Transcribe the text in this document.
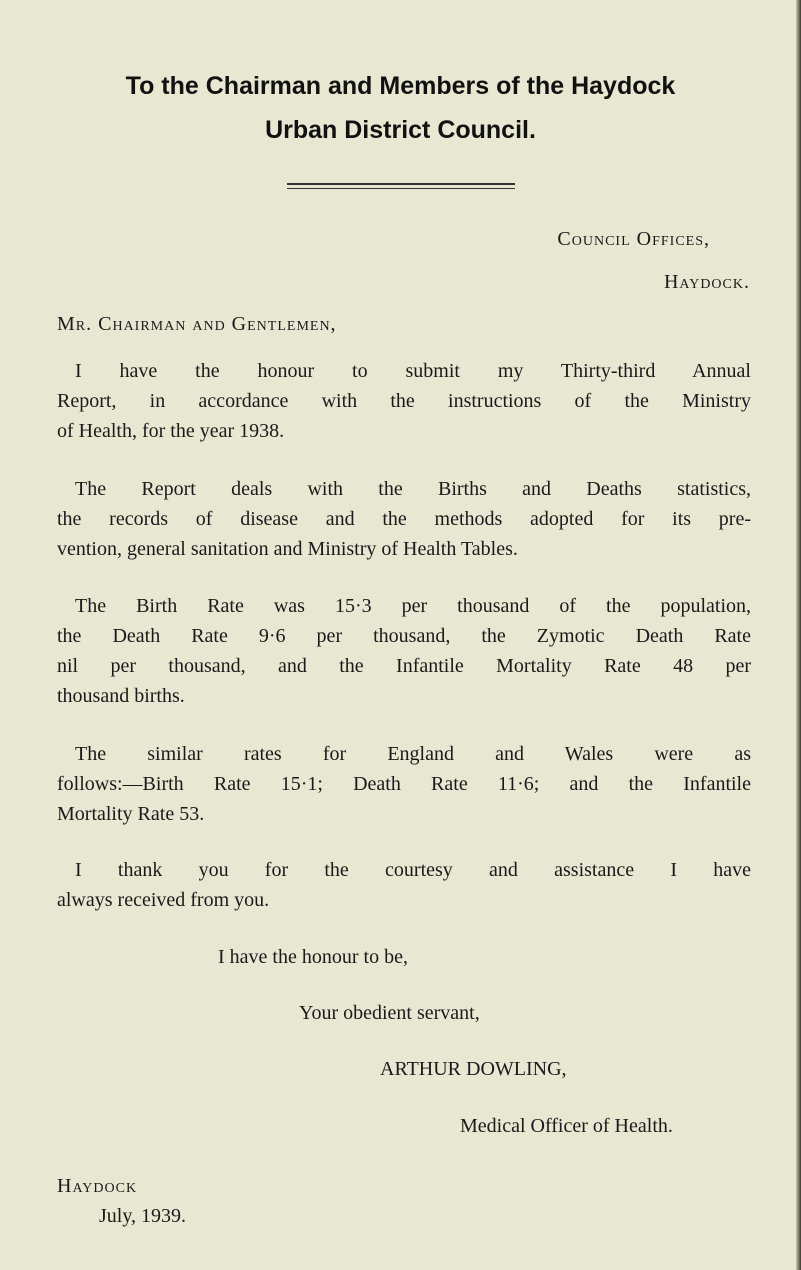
To the Chairman and Members of the Haydock
Urban District Council.
Council Offices,
Haydock.
Mr. Chairman and Gentlemen,
I have the honour to submit my Thirty-third Annual
Report, in accordance with the instructions of the Ministry
of Health, for the year 1938.
The Report deals with the Births and Deaths statistics,
the records of disease and the methods adopted for its pre-
vention, general sanitation and Ministry of Health Tables.
The Birth Rate was 15·3 per thousand of the population,
the Death Rate 9·6 per thousand, the Zymotic Death Rate
nil per thousand, and the Infantile Mortality Rate 48 per
thousand births.
The similar rates for England and Wales were as
follows:—Birth Rate 15·1; Death Rate 11·6; and the Infantile
Mortality Rate 53.
I thank you for the courtesy and assistance I have
always received from you.
I have the honour to be,
Your obedient servant,
ARTHUR DOWLING,
Medical Officer of Health.
Haydock
July, 1939.
